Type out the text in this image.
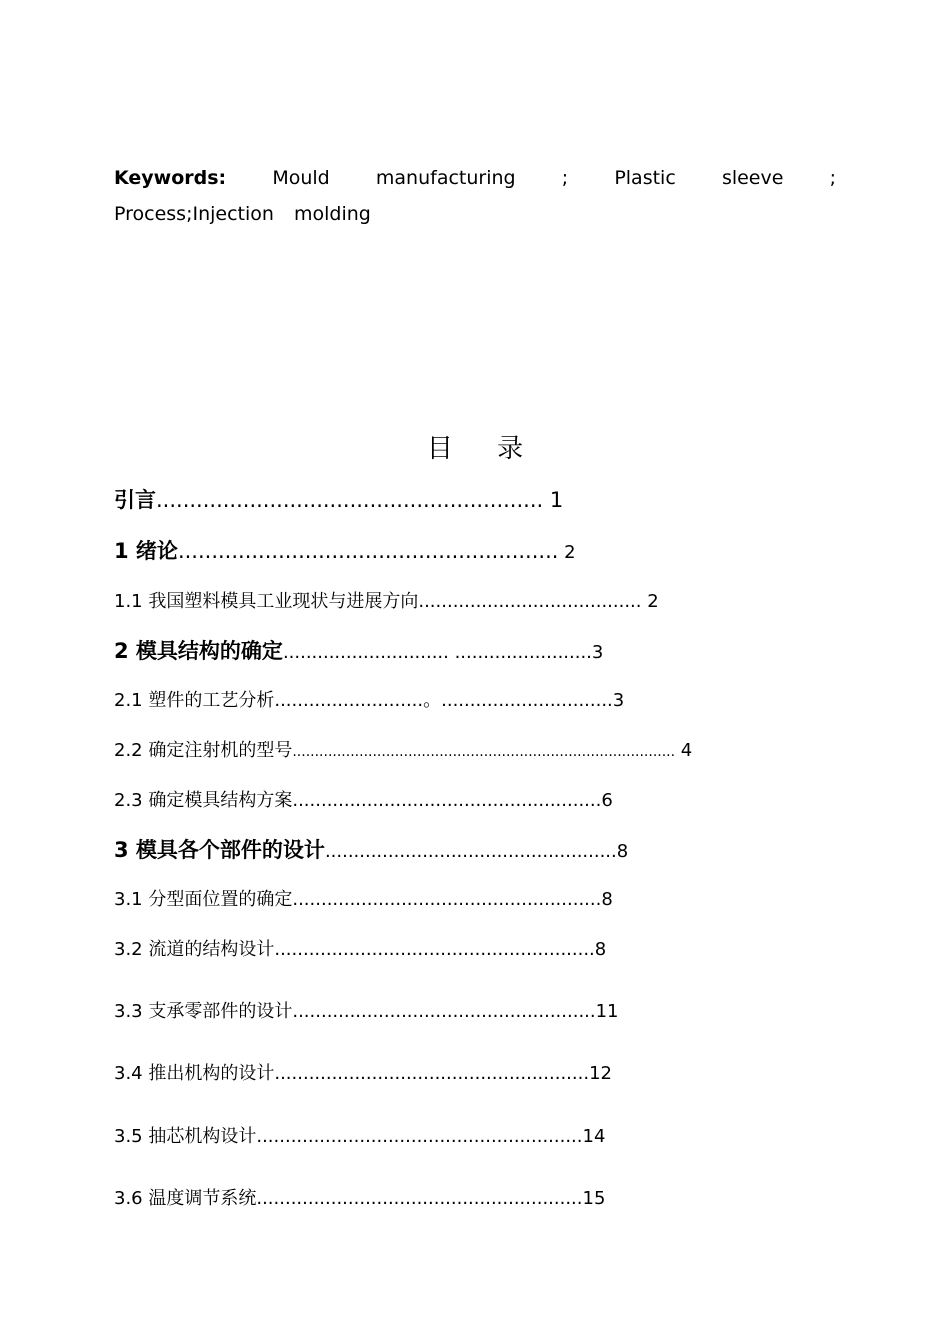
Keywords: Mould manufacturing ; Plastic sleeve ; Process;Injection molding
目 录
引言.......................................................... 1
1 绪论......................................................... 2
1.1 我国塑料模具工业现状与进展方向....................................... 2
2 模具结构的确定............................. ........................3
2.1 塑件的工艺分析..........................。..............................3
2.2 确定注射机的型号...................................................................................... 4
2.3 确定模具结构方案......................................................6
3 模具各个部件的设计...................................................8
3.1 分型面位置的确定......................................................8
3.2 流道的结构设计........................................................8
3.3 支承零部件的设计.....................................................11
3.4 推出机构的设计.......................................................12
3.5 抽芯机构设计.........................................................14
3.6 温度调节系统.........................................................15
